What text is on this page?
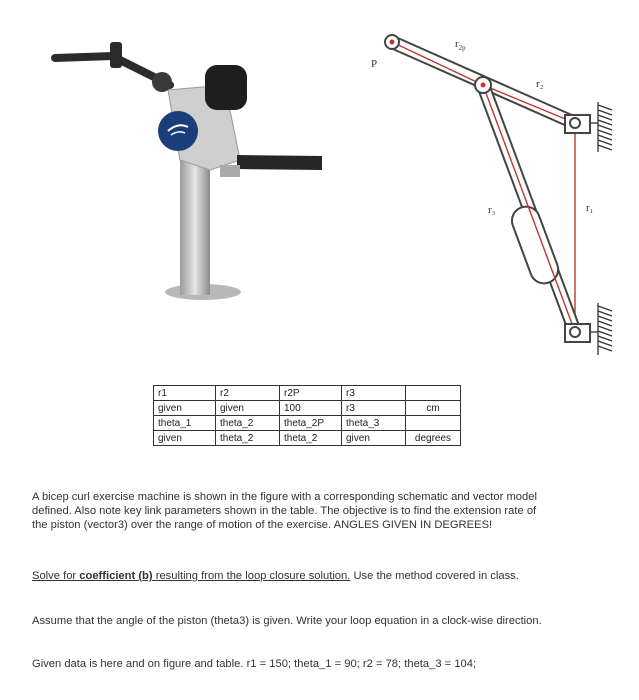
$r_{2p}$
P
r₂
r₃	r₁
r1	r2	r2P	r3	
given	given	100	r3	cm
theta_1	theta_2	theta_2P	theta_3	
given	theta_2	theta_2	given	degrees

A bicep curl exercise machine is shown in the figure with a corresponding schematic and vector model defined. Also note key link parameters shown in the table. The objective is to find the extension rate of the piston (vector3) over the range of motion of the exercise. ANGLES GIVEN IN DEGREES!

Solve for coefficient (b) resulting from the loop closure solution. Use the method covered in class.

Assume that the angle of the piston (theta3) is given. Write your loop equation in a clock-wise direction.

Given data is here and on figure and table. r1 = 150; theta_1 = 90; r2 = 78; theta_3 = 104;
